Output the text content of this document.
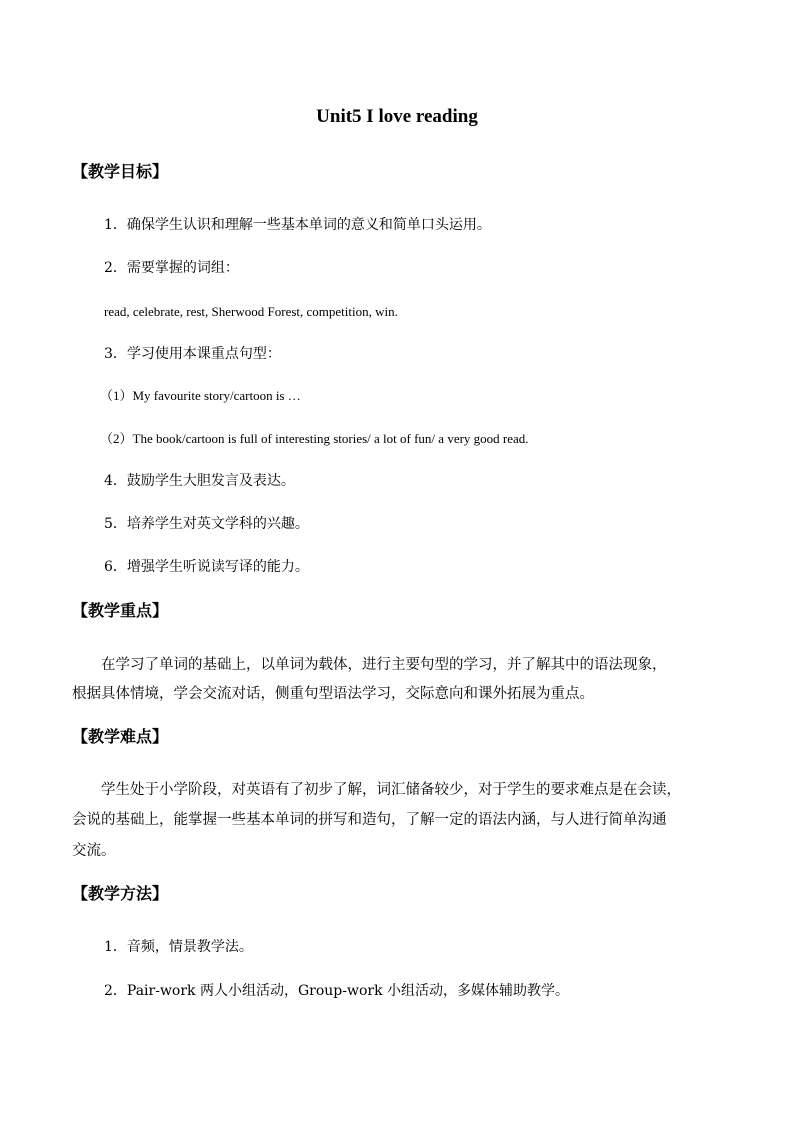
Unit5 I love reading
【教学目标】
1．确保学生认识和理解一些基本单词的意义和简单口头运用。
2．需要掌握的词组：
read, celebrate, rest, Sherwood Forest, competition, win.
3．学习使用本课重点句型：
（1）My favourite story/cartoon is …
（2）The book/cartoon is full of interesting stories/ a lot of fun/ a very good read.
4．鼓励学生大胆发言及表达。
5．培养学生对英文学科的兴趣。
6．增强学生听说读写译的能力。
【教学重点】
在学习了单词的基础上，以单词为载体，进行主要句型的学习，并了解其中的语法现象，
根据具体情境，学会交流对话，侧重句型语法学习，交际意向和课外拓展为重点。
【教学难点】
学生处于小学阶段，对英语有了初步了解，词汇储备较少，对于学生的要求难点是在会读，
会说的基础上，能掌握一些基本单词的拼写和造句，了解一定的语法内涵，与人进行简单沟通
交流。
【教学方法】
1．音频，情景教学法。
2．Pair-work 两人小组活动，Group-work 小组活动，多媒体辅助教学。
